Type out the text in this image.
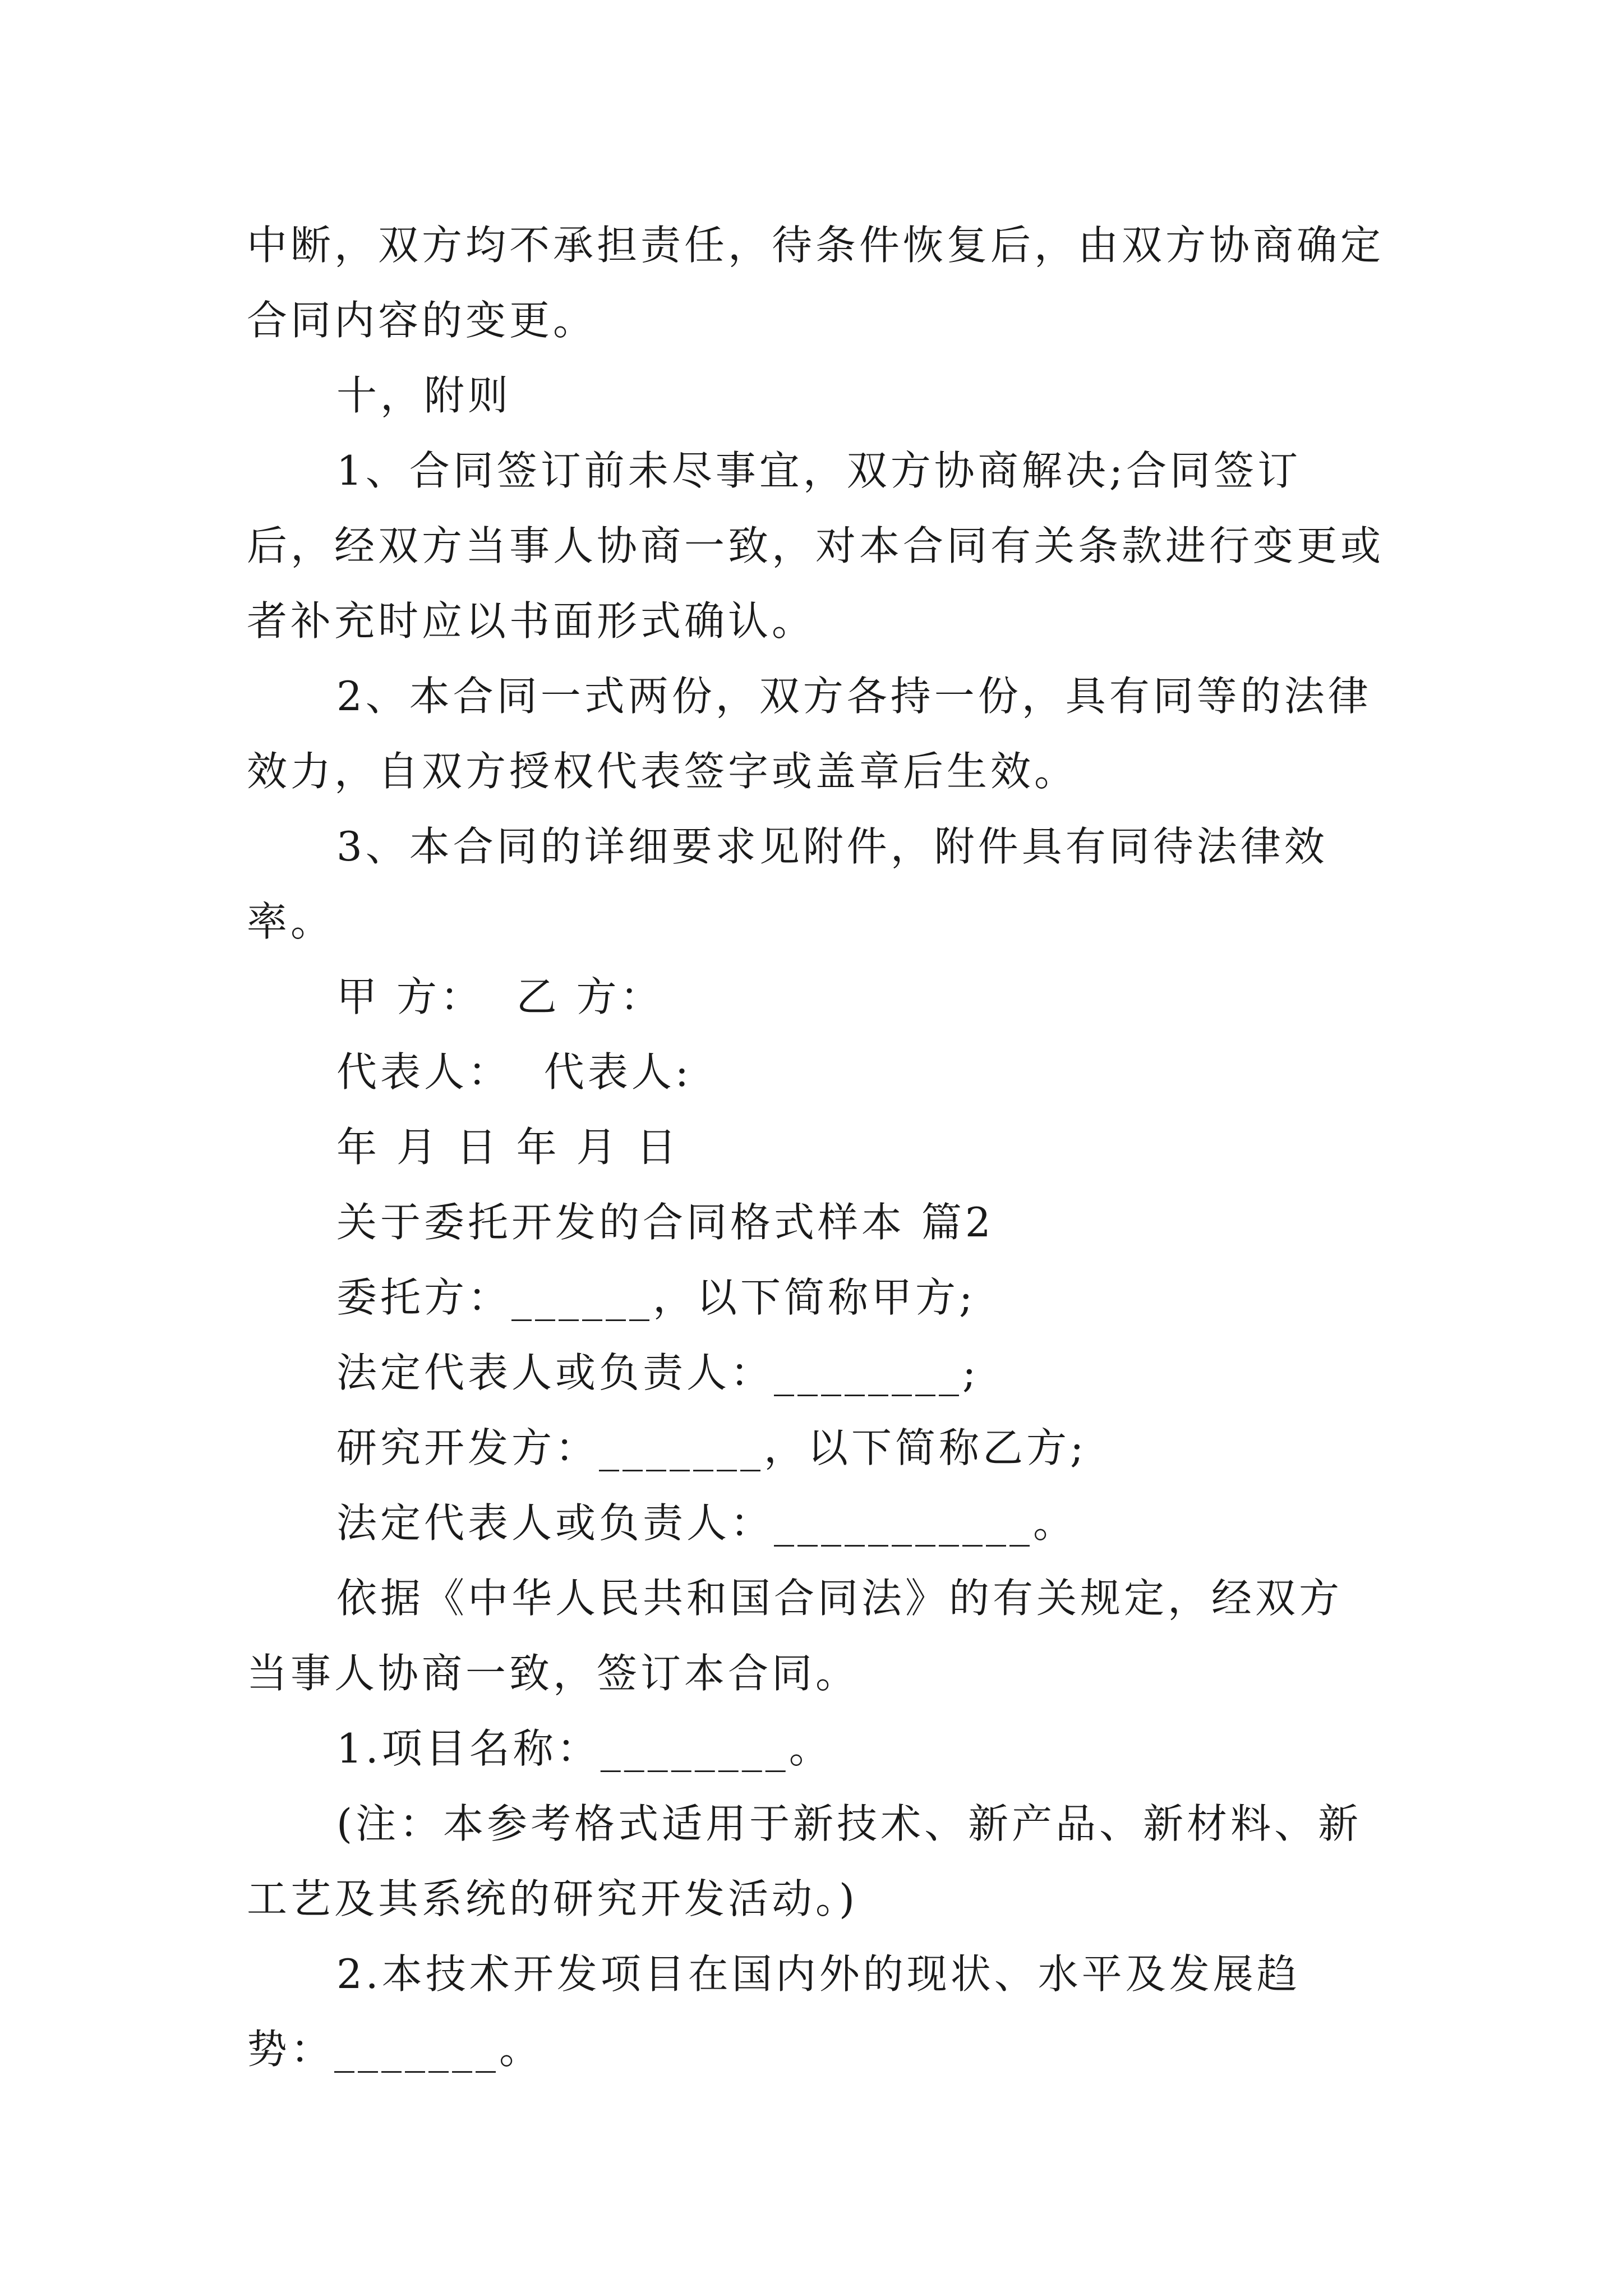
中断，双方均不承担责任，待条件恢复后，由双方协商确定合同内容的变更。

十，附则

1、合同签订前未尽事宜，双方协商解决;合同签订后，经双方当事人协商一致，对本合同有关条款进行变更或者补充时应以书面形式确认。

2、本合同一式两份，双方各持一份，具有同等的法律效力，自双方授权代表签字或盖章后生效。

3、本合同的详细要求见附件，附件具有同待法律效率。

甲 方：  乙 方：

代表人：  代表人:

年 月 日 年 月 日

关于委托开发的合同格式样本 篇2

委托方：______，以下简称甲方;

法定代表人或负责人：________;

研究开发方：_______，以下简称乙方;

法定代表人或负责人：___________。

依据《中华人民共和国合同法》的有关规定，经双方当事人协商一致，签订本合同。

1.项目名称：________。

(注：本参考格式适用于新技术、新产品、新材料、新工艺及其系统的研究开发活动。)

2.本技术开发项目在国内外的现状、水平及发展趋势：_______。
